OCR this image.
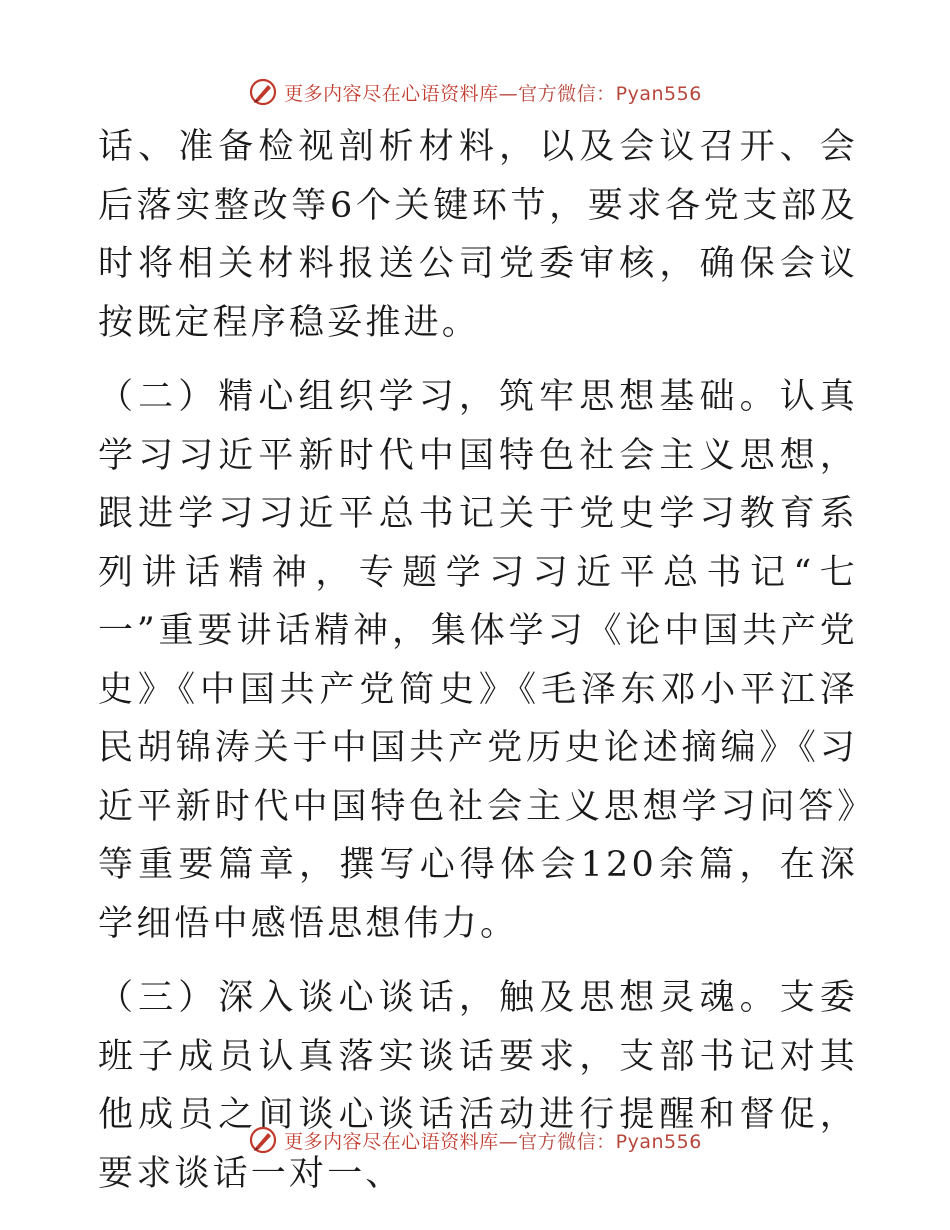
更多内容尽在心语资料库—官方微信：Pyan556

话、准备检视剖析材料，以及会议召开、会后落实整改等6个关键环节，要求各党支部及时将相关材料报送公司党委审核，确保会议按既定程序稳妥推进。

（二）精心组织学习，筑牢思想基础。认真学习习近平新时代中国特色社会主义思想，跟进学习习近平总书记关于党史学习教育系列讲话精神，专题学习习近平总书记“七一”重要讲话精神，集体学习《论中国共产党史》《中国共产党简史》《毛泽东邓小平江泽民胡锦涛关于中国共产党历史论述摘编》《习近平新时代中国特色社会主义思想学习问答》等重要篇章，撰写心得体会120余篇，在深学细悟中感悟思想伟力。

（三）深入谈心谈话，触及思想灵魂。支委班子成员认真落实谈话要求，支部书记对其他成员之间谈心谈话活动进行提醒和督促，要求谈话一对一、

更多内容尽在心语资料库—官方微信：Pyan556
